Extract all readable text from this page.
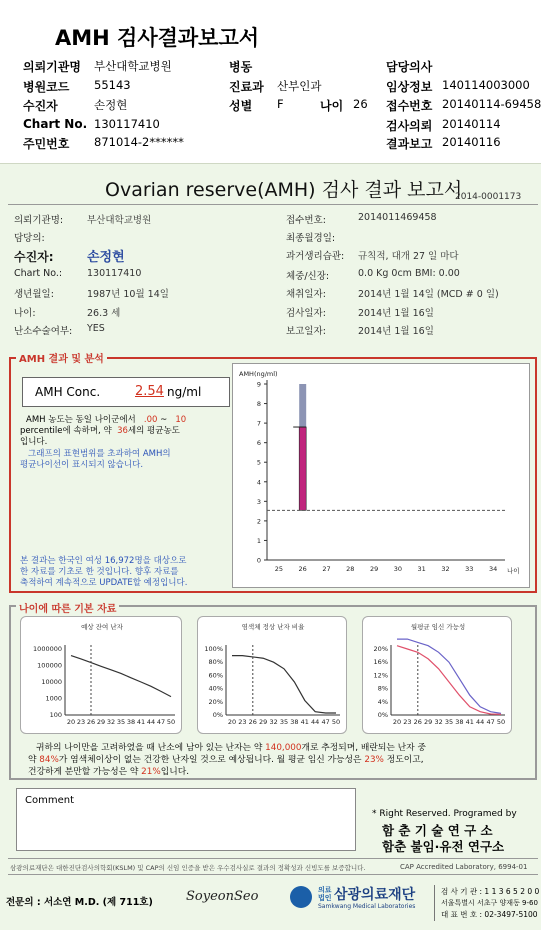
AMH 검사결과보고서
의뢰기관명 부산대학교병원	병동	담당의사
병원코드 55143	진료과 산부인과	임상정보 140114003000
수진자	손정현	성별 F	나이 26 접수번호 20140114-69458
Chart No. 130117410	검사의뢰 20140114
주민번호 871014-2******	결과보고 20140116
Ovarian reserve(AMH) 검사 결과 보고서
2014-0001173
의뢰기관명:	부산대학교병원
담당의:
수진자:	손정현
Chart No.:	130117410
생년월일:	1987년 10월 14일
나이:	26.3 세
난소수술여부: YES
접수번호:	2014011469458
최종월경일:
과거생리습관: 규칙적, 대개 27 일 마다
체중/신장:	0.0 Kg 0cm BMI: 0.00
채취일자:	2014년 1월 14일 (MCD # 0 일)
검사일자:	2014년 1월 16일
보고일자:	2014년 1월 16일
AMH 결과 및 분석
AMH Conc.	2.54 ng/ml
AMH 농도는 동일 나이군에서 .00 ~ 10
percentile에 속하며, 약 36세의 평균농도
입니다.
그래프의 표현범위를 초과하여 AMH의
평균나이선이 표시되지 않습니다.
본 결과는 한국인 여성 16,972명을 대상으로
한 자료를 기초로 한 것입니다. 향후 자료를
축적하여 계속적으로 UPDATE할 예정입니다.
AMH(ng/ml)
0
1
2
3
4
5
6
7
8
9
25 26 27 28 29 30 31 32 33 34 나이
나이에 따른 기본 자료
예상 잔여 난자
1000000
100000
10000
1000
100
20 23 26 29 32 35 38 41 44 47 50
염색체 정상 난자 비율
100%
80%
60%
40%
20%
0%
20 23 26 29 32 35 38 41 44 47 50
월평균 임신 가능성
20%
16%
12%
8%
4%
0%
20 23 26 29 32 35 38 41 44 47 50
귀하의 나이만을 고려하였을 때 난소에 남아 있는 난자는 약 140,000개로 추정되며, 배란되는 난자 중
약 84%가 염색체이상이 없는 건강한 난자일 것으로 예상됩니다. 월 평균 임신 가능성은 23% 정도이고,
건강하게 분만할 가능성은 약 21%입니다.
Comment
* Right Reserved. Programed by
함 춘 기 술 연 구 소
함춘 불임·유전 연구소
삼광의료재단은 대한진단검사의학회(KSLM) 및 CAP의 신임 인증을 받은 우수검사실로 결과의 정확성과 신빙도를 보증합니다.	CAP Accredited Laboratory, 6994-01
전문의 : 서소연 M.D. (제 711호)	SoyeonSeo	의료법인 삼광의료재단
Samkwang Medical Laboratories
검 사 기 관 : 1 1 3 6 5 2 0 0
서울특별시 서초구 양재동 9-60
대 표 번 호 : 02-3497-5100
